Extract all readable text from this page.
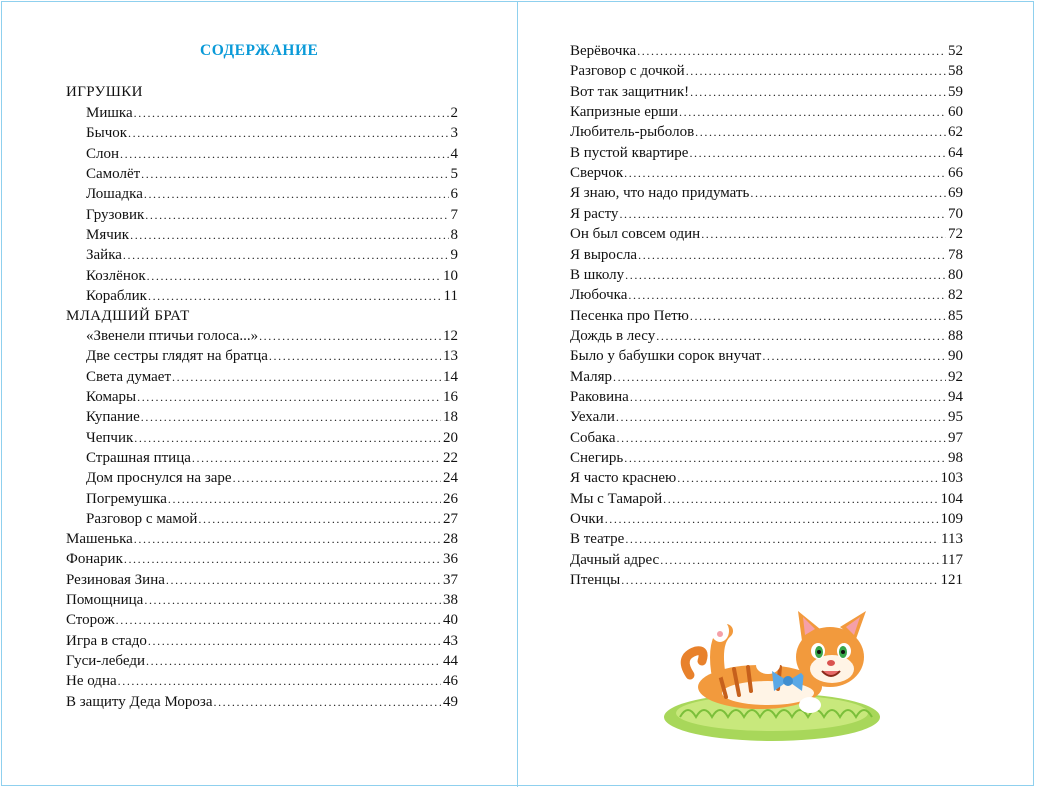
СОДЕРЖАНИЕ
ИГРУШКИ
Мишка .....	2
Бычок .....	3
Слон .....	4
Самолёт .....	5
Лошадка .....	6
Грузовик .....	7
Мячик .....	8
Зайка .....	9
Козлёнок .....	10
Кораблик .....	11
МЛАДШИЙ БРАТ
«Звенели птичьи голоса...» .....	12
Две сестры глядят на братца .....	13
Света думает .....	14
Комары .....	16
Купание .....	18
Чепчик .....	20
Страшная птица .....	22
Дом проснулся на заре .....	24
Погремушка .....	26
Разговор с мамой .....	27
Машенька .....	28
Фонарик .....	36
Резиновая Зина .....	37
Помощница .....	38
Сторож .....	40
Игра в стадо .....	43
Гуси-лебеди .....	44
Не одна .....	46
В защиту Деда Мороза .....	49
Верёвочка .....	52
Разговор с дочкой .....	58
Вот так защитник! .....	59
Капризные ерши .....	60
Любитель-рыболов .....	62
В пустой квартире .....	64
Сверчок .....	66
Я знаю, что надо придумать .....	69
Я расту .....	70
Он был совсем один .....	72
Я выросла .....	78
В школу .....	80
Любочка .....	82
Песенка про Петю .....	85
Дождь в лесу .....	88
Было у бабушки сорок внучат .....	90
Маляр .....	92
Раковина .....	94
Уехали .....	95
Собака .....	97
Снегирь .....	98
Я часто краснею .....	103
Мы с Тамарой .....	104
Очки .....	109
В театре .....	113
Дачный адрес .....	117
Птенцы .....	121
